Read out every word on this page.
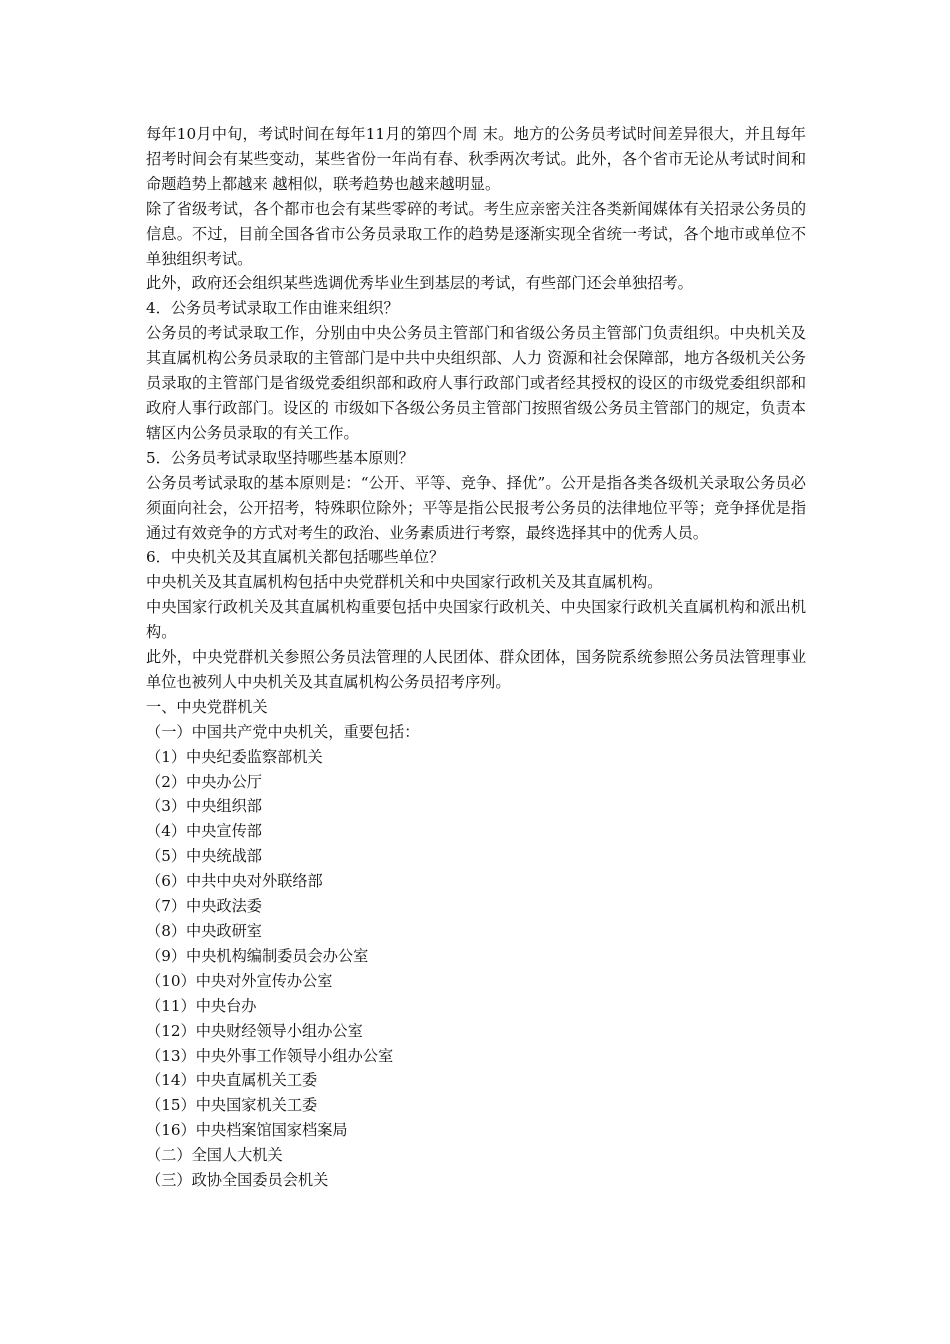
每年10月中旬，考试时间在每年11月的第四个周 末。地方的公务员考试时间差异很大，并且每年招考时间会有某些变动，某些省份一年尚有春、秋季两次考试。此外，各个省市无论从考试时间和命题趋势上都越来 越相似，联考趋势也越来越明显。

除了省级考试，各个都市也会有某些零碎的考试。考生应亲密关注各类新闻媒体有关招录公务员的信息。不过，目前全国各省市公务员录取工作的趋势是逐渐实现全省统一考试，各个地市或单位不单独组织考试。

此外，政府还会组织某些选调优秀毕业生到基层的考试，有些部门还会单独招考。

4．公务员考试录取工作由谁来组织？

公务员的考试录取工作，分别由中央公务员主管部门和省级公务员主管部门负责组织。中央机关及其直属机构公务员录取的主管部门是中共中央组织部、人力 资源和社会保障部，地方各级机关公务员录取的主管部门是省级党委组织部和政府人事行政部门或者经其授权的设区的市级党委组织部和政府人事行政部门。设区的 市级如下各级公务员主管部门按照省级公务员主管部门的规定，负责本辖区内公务员录取的有关工作。

5．公务员考试录取坚持哪些基本原则？

公务员考试录取的基本原则是：“公开、平等、竞争、择优”。公开是指各类各级机关录取公务员必须面向社会，公开招考，特殊职位除外；平等是指公民报考公务员的法律地位平等；竞争择优是指通过有效竞争的方式对考生的政治、业务素质进行考察，最终选择其中的优秀人员。

6．中央机关及其直属机关都包括哪些单位？

中央机关及其直属机构包括中央党群机关和中央国家行政机关及其直属机构。

中央国家行政机关及其直属机构重要包括中央国家行政机关、中央国家行政机关直属机构和派出机构。

此外，中央党群机关参照公务员法管理的人民团体、群众团体，国务院系统参照公务员法管理事业单位也被列人中央机关及其直属机构公务员招考序列。

一、中央党群机关

（一）中国共产党中央机关，重要包括：

（1）中央纪委监察部机关

（2）中央办公厅

（3）中央组织部

（4）中央宣传部

（5）中央统战部

（6）中共中央对外联络部

（7）中央政法委

（8）中央政研室

（9）中央机构编制委员会办公室

（10）中央对外宣传办公室

（11）中央台办

（12）中央财经领导小组办公室

（13）中央外事工作领导小组办公室

（14）中央直属机关工委

（15）中央国家机关工委

（16）中央档案馆国家档案局

（二）全国人大机关

（三）政协全国委员会机关
